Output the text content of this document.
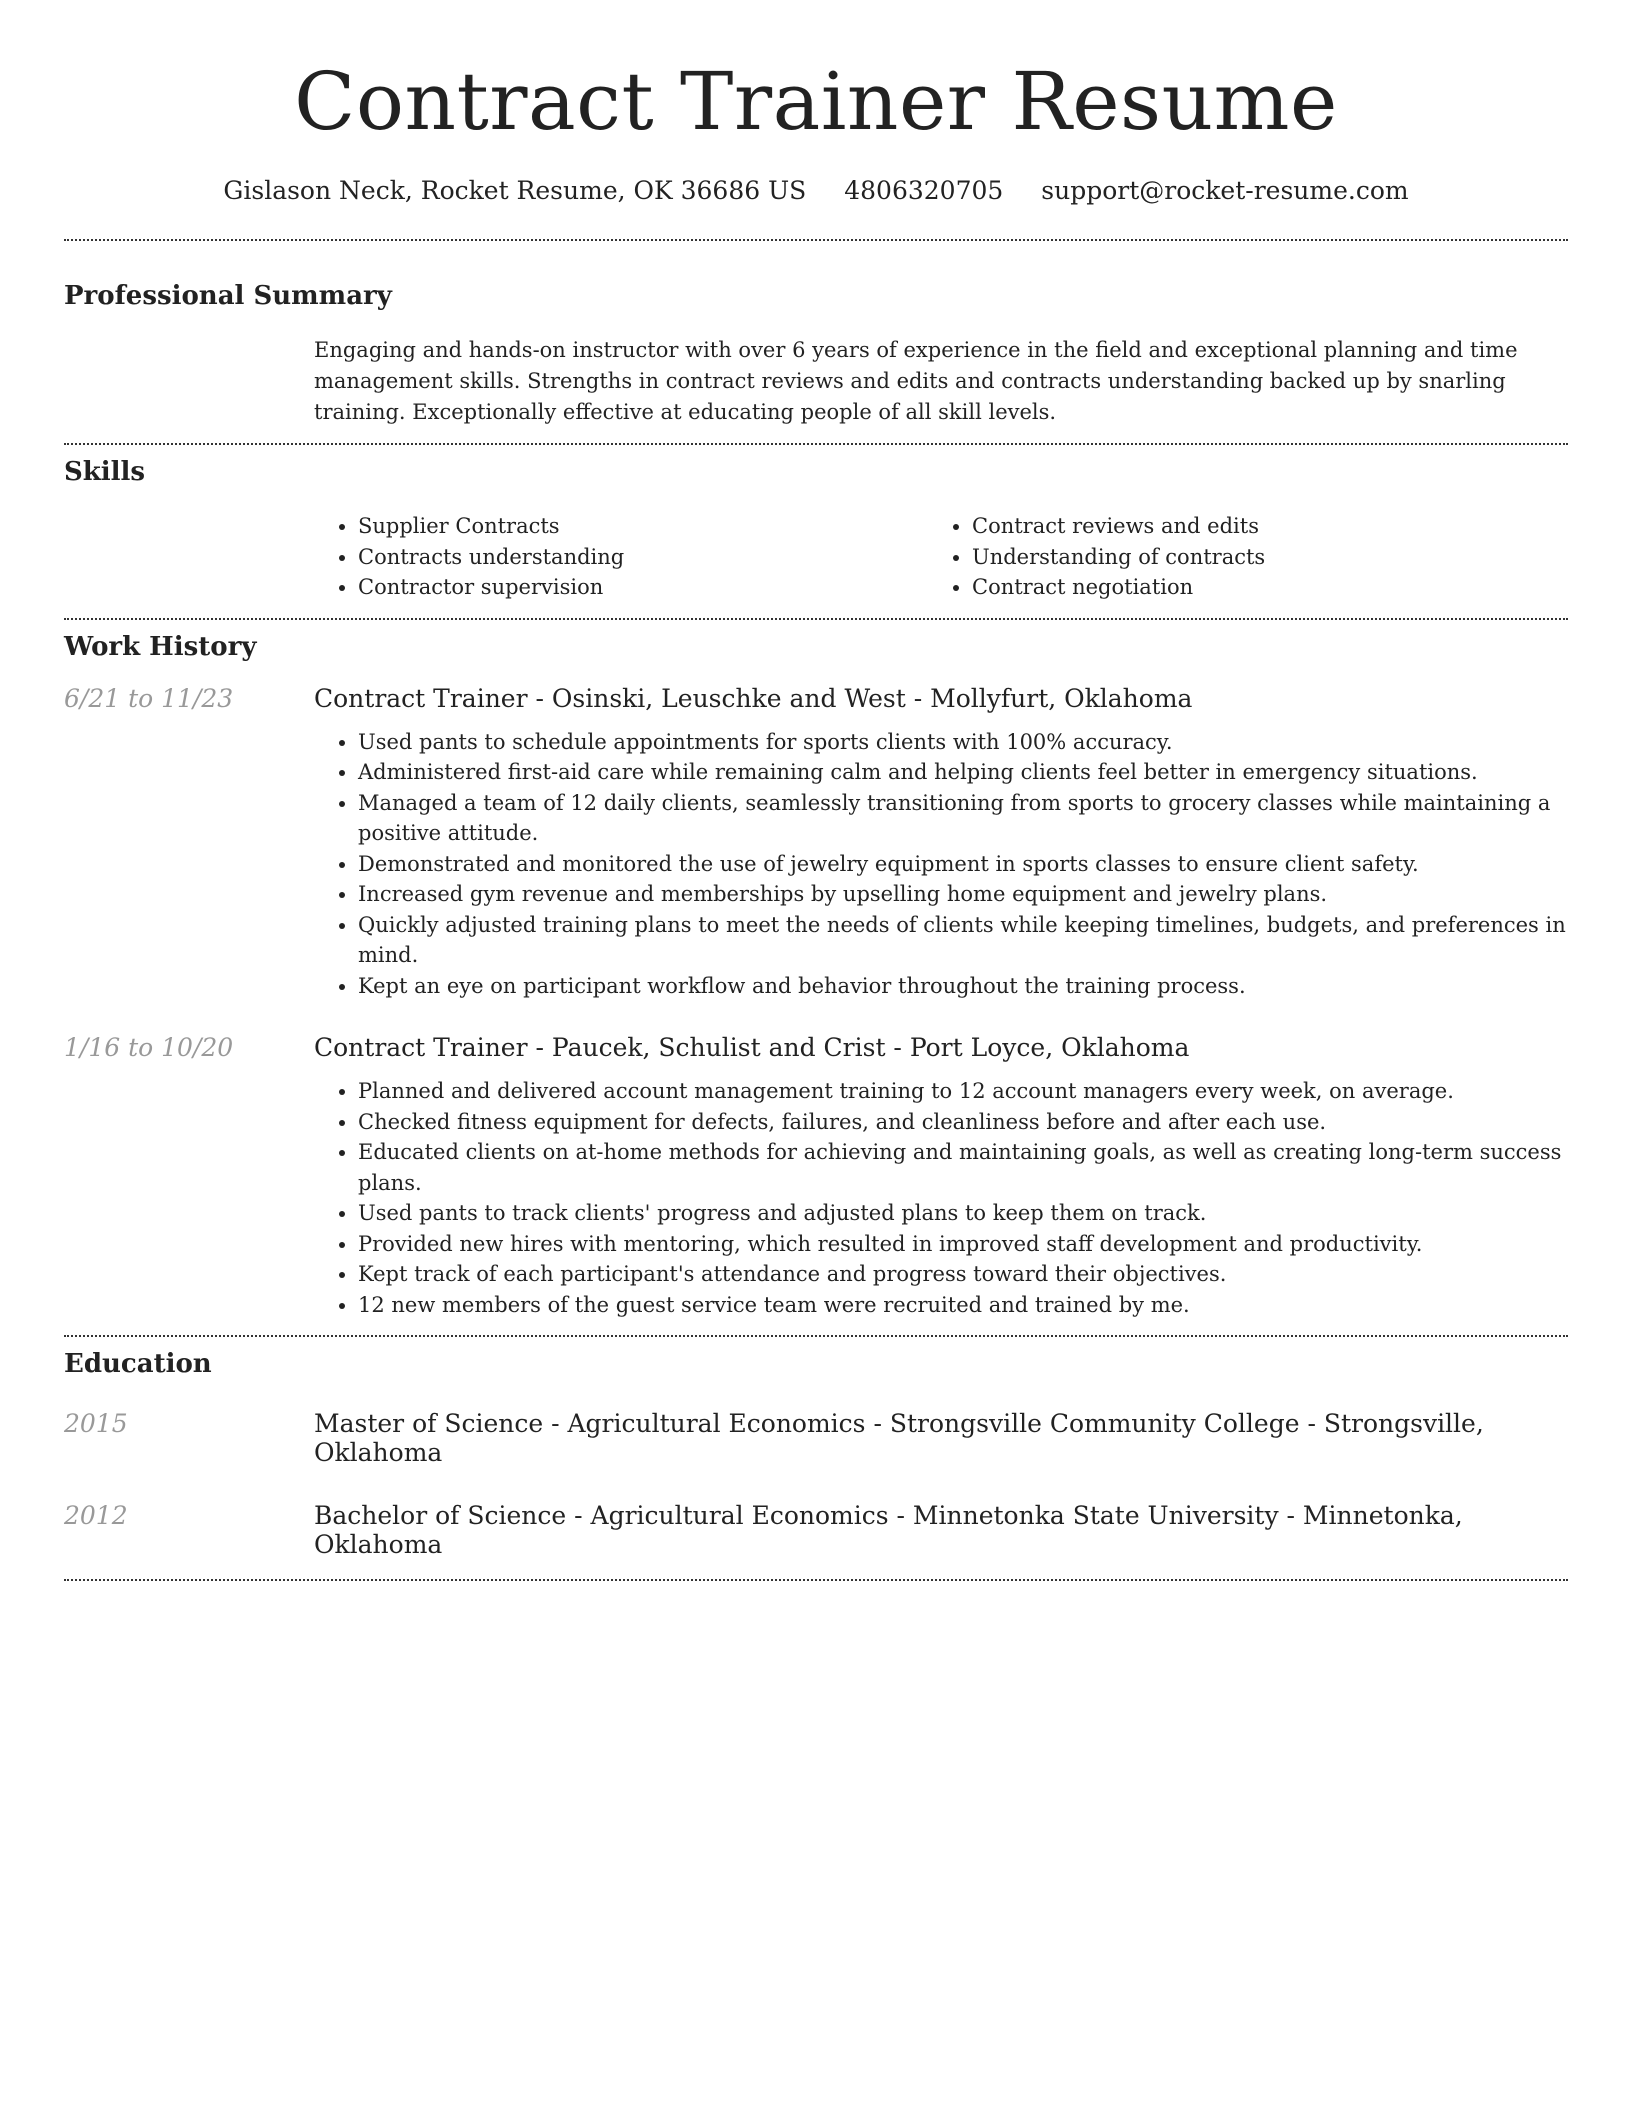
Contract Trainer Resume
Gislason Neck, Rocket Resume, OK 36686 US 4806320705 support@rocket-resume.com
Professional Summary

Engaging and hands-on instructor with over 6 years of experience in the field and exceptional planning and time management skills. Strengths in contract reviews and edits and contracts understanding backed up by snarling training. Exceptionally effective at educating people of all skill levels.

Skills
• Supplier Contracts
• Contracts understanding
• Contractor supervision
• Contract reviews and edits
• Understanding of contracts
• Contract negotiation
Work History
6/21 to 11/23	Contract Trainer - Osinski, Leuschke and West - Mollyfurt, Oklahoma
• Used pants to schedule appointments for sports clients with 100% accuracy.
• Administered first-aid care while remaining calm and helping clients feel better in emergency situations.
• Managed a team of 12 daily clients, seamlessly transitioning from sports to grocery classes while maintaining a positive attitude.
• Demonstrated and monitored the use of jewelry equipment in sports classes to ensure client safety.
• Increased gym revenue and memberships by upselling home equipment and jewelry plans.
• Quickly adjusted training plans to meet the needs of clients while keeping timelines, budgets, and preferences in mind.
• Kept an eye on participant workflow and behavior throughout the training process.
1/16 to 10/20	Contract Trainer - Paucek, Schulist and Crist - Port Loyce, Oklahoma
• Planned and delivered account management training to 12 account managers every week, on average.
• Checked fitness equipment for defects, failures, and cleanliness before and after each use.
• Educated clients on at-home methods for achieving and maintaining goals, as well as creating long-term success plans.
• Used pants to track clients' progress and adjusted plans to keep them on track.
• Provided new hires with mentoring, which resulted in improved staff development and productivity.
• Kept track of each participant's attendance and progress toward their objectives.
• 12 new members of the guest service team were recruited and trained by me.
Education
2015	Master of Science - Agricultural Economics - Strongsville Community College - Strongsville, Oklahoma
2012	Bachelor of Science - Agricultural Economics - Minnetonka State University - Minnetonka, Oklahoma
